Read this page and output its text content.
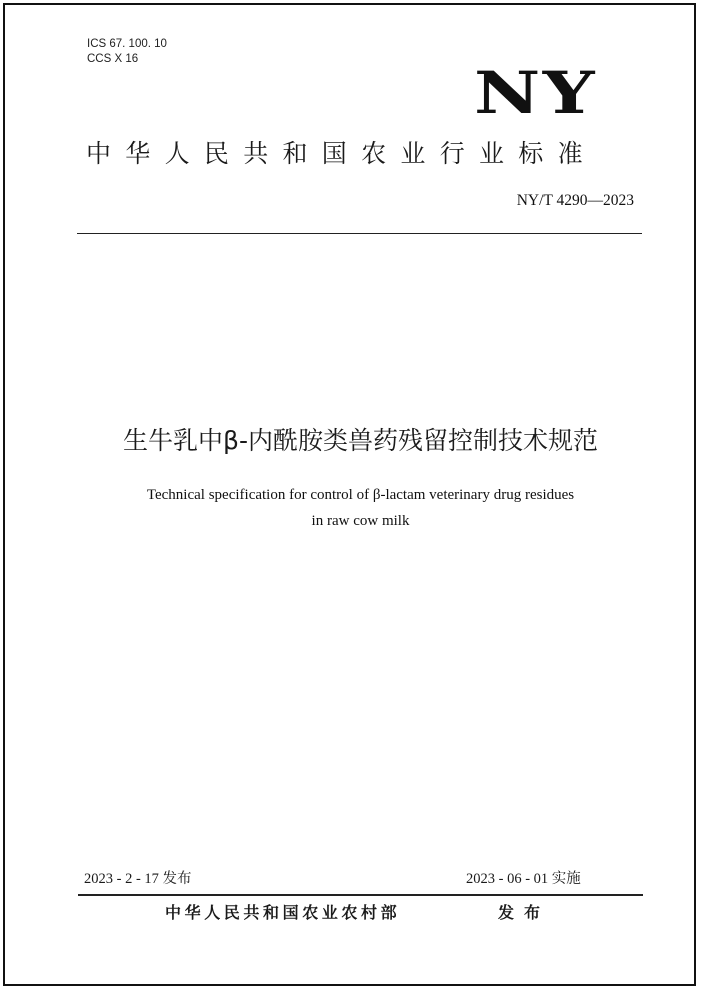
ICS 67. 100. 10
CCS X 16	NY
中华人民共和国农业行业标准
NY/T 4290—2023
生牛乳中β-内酰胺类兽药残留控制技术规范
Technical specification for control of β-lactam veterinary drug residues
in raw cow milk
2023 - 2 - 17 发布	2023 - 06 - 01 实施
中华人民共和国农业农村部	发布
